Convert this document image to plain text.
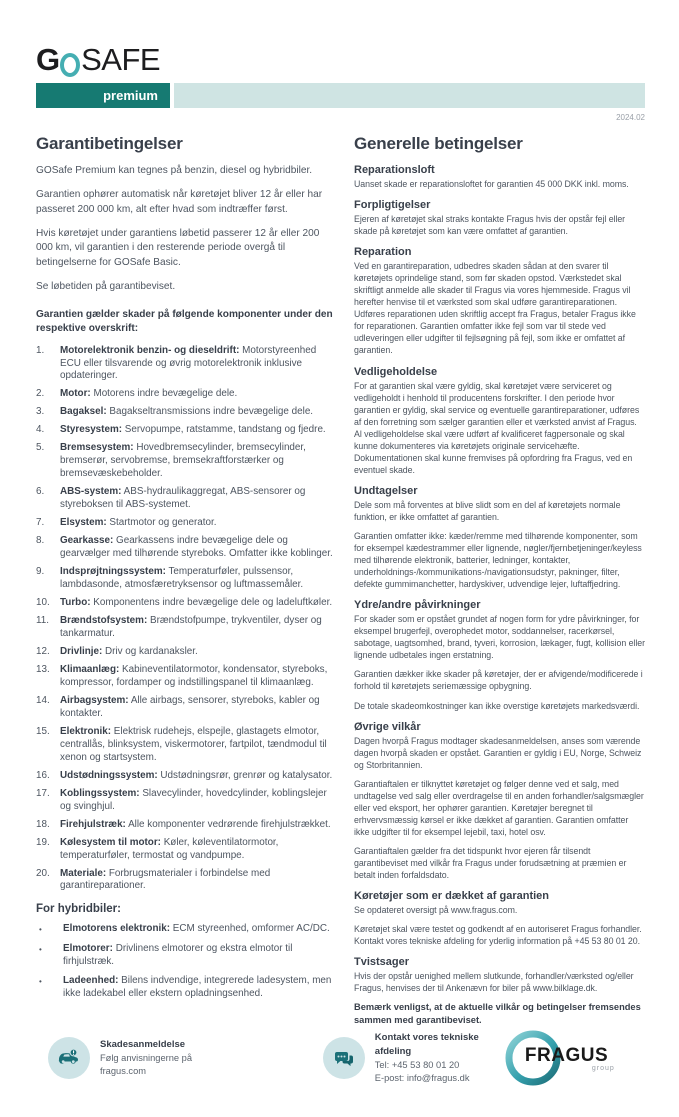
G SAFE
premium
2024.02
Garantibetingelser

GOSafe Premium kan tegnes på benzin, diesel og hybridbiler.

Garantien ophører automatisk når køretøjet bliver 12 år eller har passeret 200 000 km, alt efter hvad som indtræffer først.

Hvis køretøjet under garantiens løbetid passerer 12 år eller 200 000 km, vil garantien i den resterende periode overgå til betingelserne for GOSafe Basic.

Se løbetiden på garantibeviset.

Garantien gælder skader på følgende komponenter under den respektive overskrift:

Motorelektronik benzin- og dieseldrift: Motorstyreenhed ECU eller tilsvarende og øvrig motorelektronik inklusive opdateringer.
Motor: Motorens indre bevægelige dele.
Bagaksel: Bagakseltransmissions indre bevægelige dele.
Styresystem: Servopumpe, ratstamme, tandstang og fjedre.
Bremsesystem: Hovedbremsecylinder, bremsecylinder, bremserør, servobremse, bremsekraftforstærker og bremsevæskebeholder.
ABS-system: ABS-hydraulikaggregat, ABS-sensorer og styreboksen til ABS-systemet.
Elsystem: Startmotor og generator.
Gearkasse: Gearkassens indre bevægelige dele og gearvælger med tilhørende styreboks. Omfatter ikke koblinger.
Indsprøjtningssystem: Temperaturføler, pulssensor, lambdasonde, atmosfæretryksensor og luftmassemåler.
Turbo: Komponentens indre bevægelige dele og ladeluftkøler.
Brændstofsystem: Brændstofpumpe, trykventiler, dyser og tankarmatur.
Drivlinje: Driv og kardanaksler.
Klimaanlæg: Kabineventilatormotor, kondensator, styreboks, kompressor, fordamper og indstillingspanel til klimaanlæg.
Airbagsystem: Alle airbags, sensorer, styreboks, kabler og kontakter.
Elektronik: Elektrisk rudehejs, elspejle, glastagets elmotor, centrallås, blinksystem, viskermotorer, fartpilot, tændmodul til xenon og startsystem.
Udstødningssystem: Udstødningsrør, grenrør og katalysator.
Koblingssystem: Slavecylinder, hovedcylinder, koblingslejer og svinghjul.
Firehjulstræk: Alle komponenter vedrørende firehjulstrækket.
Kølesystem til motor: Køler, køleventilatormotor, temperaturføler, termostat og vandpumpe.
Materiale: Forbrugsmaterialer i forbindelse med garantireparationer.
For hybridbiler:
• Elmotorens elektronik: ECM styreenhed, omformer AC/DC.
• Elmotorer: Drivlinens elmotorer og ekstra elmotor til firhjulstræk.
• Ladeenhed: Bilens indvendige, integrerede ladesystem, men ikke ladekabel eller ekstern opladningsenhed.
Generelle betingelser
Reparationsloft

Uanset skade er reparationsloftet for garantien 45 000 DKK inkl. moms.

Forpligtigelser

Ejeren af køretøjet skal straks kontakte Fragus hvis der opstår fejl eller skade på køretøjet som kan være omfattet af garantien.

Reparation

Ved en garantireparation, udbedres skaden sådan at den svarer til køretøjets oprindelige stand, som før skaden opstod. Værkstedet skal skriftligt anmelde alle skader til Fragus via vores hjemmeside. Fragus vil herefter henvise til et værksted som skal udføre garantireparationen. Udføres reparationen uden skriftlig accept fra Fragus, betaler Fragus ikke for reparationen. Garantien omfatter ikke fejl som var til stede ved udleveringen eller udgifter til fejlsøgning på fejl, som ikke er omfattet af garantien.

Vedligeholdelse

For at garantien skal være gyldig, skal køretøjet være serviceret og vedligeholdt i henhold til producentens forskrifter. I den periode hvor garantien er gyldig, skal service og eventuelle garantireparationer, udføres af den forretning som sælger garantien eller et værksted anvist af Fragus. Al vedligeholdelse skal være udført af kvalificeret fagpersonale og skal kunne dokumenteres via køretøjets originale servicehæfte. Dokumentationen skal kunne fremvises på opfordring fra Fragus, ved en eventuel skade.

Undtagelser

Dele som må forventes at blive slidt som en del af køretøjets normale funktion, er ikke omfattet af garantien.

Garantien omfatter ikke: kæder/remme med tilhørende komponenter, som for eksempel kædestrammer eller lignende, nøgler/fjernbetjeninger/keyless med tilhørende elektronik, batterier, ledninger, kontakter, underholdnings-/kommunikations-/navigationsudstyr, pakninger, filter, defekte gummimanchetter, hardyskiver, udvendige lejer, luftaffjedring.

Ydre/andre påvirkninger

For skader som er opstået grundet af nogen form for ydre påvirkninger, for eksempel brugerfejl, overophedet motor, soddannelser, racerkørsel, sabotage, uagtsomhed, brand, tyveri, korrosion, lækager, fugt, kollision eller lignende udbetales ingen erstatning.

Garantien dækker ikke skader på køretøjer, der er afvigende/modificerede i forhold til køretøjets seriemæssige opbygning.

De totale skadeomkostninger kan ikke overstige køretøjets markedsværdi.

Øvrige vilkår

Dagen hvorpå Fragus modtager skadesanmeldelsen, anses som værende dagen hvorpå skaden er opstået. Garantien er gyldig i EU, Norge, Schweiz og Storbritannien.

Garantiaftalen er tilknyttet køretøjet og følger denne ved et salg, med undtagelse ved salg eller overdragelse til en anden forhandler/salgsmægler eller ved eksport, her ophører garantien. Køretøjer beregnet til erhvervsmæssig kørsel er ikke dækket af garantien. Garantien omfatter ikke udgifter til for eksempel lejebil, taxi, hotel osv.

Garantiaftalen gælder fra det tidspunkt hvor ejeren får tilsendt garantibeviset med vilkår fra Fragus under forudsætning at præmien er betalt inden forfaldsdato.

Køretøjer som er dækket af garantien

Se opdateret oversigt på www.fragus.com.

Køretøjet skal være testet og godkendt af en autoriseret Fragus forhandler. Kontakt vores tekniske afdeling for yderlig information på +45 53 80 01 20.

Tvistsager

Hvis der opstår uenighed mellem slutkunde, forhandler/værksted og/eller Fragus, henvises der til Ankenævn for biler på www.bilklage.dk.

Bemærk venligst, at de aktuelle vilkår og betingelser fremsendes sammen med garantibeviset.

Skadesanmeldelse
Følg anvisningerne på fragus.com
Kontakt vores tekniske afdeling
Tel: +45 53 80 01 20
E-post: info@fragus.dk
FRAGUS
group
